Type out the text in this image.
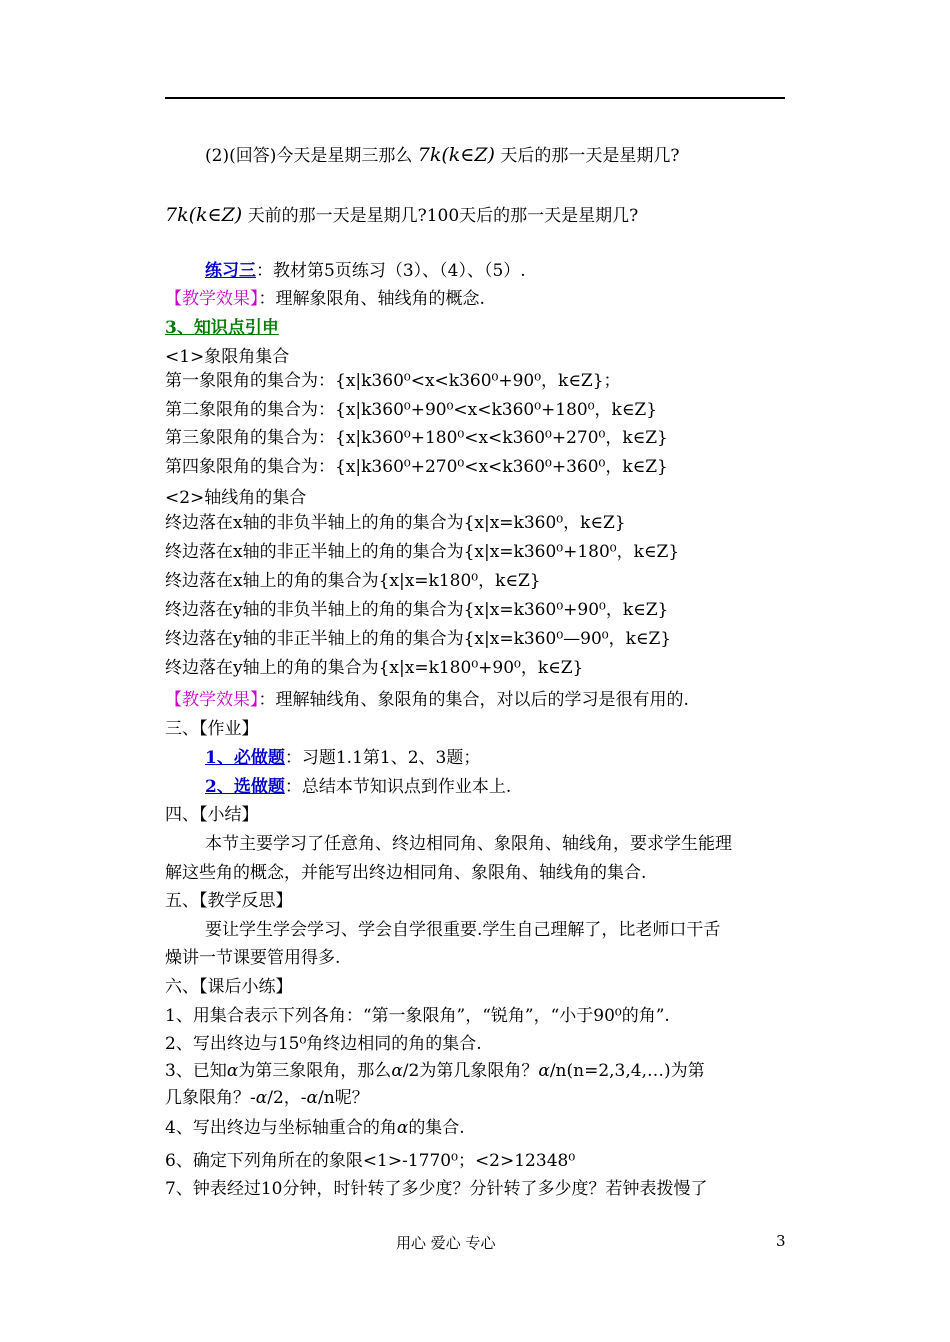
(2)(回答)今天是星期三那么 7k(k∈Z) 天后的那一天是星期几?
7k(k∈Z) 天前的那一天是星期几?100天后的那一天是星期几?
练习三：教材第5页练习（3）、（4）、（5）.
【教学效果】：理解象限角、轴线角的概念.
3、知识点引申
<1>象限角集合
第一象限角的集合为：{x|k360⁰<x<k360⁰+90⁰，k∈Z}；
第二象限角的集合为：{x|k360⁰+90⁰<x<k360⁰+180⁰，k∈Z}
第三象限角的集合为：{x|k360⁰+180⁰<x<k360⁰+270⁰，k∈Z}
第四象限角的集合为：{x|k360⁰+270⁰<x<k360⁰+360⁰，k∈Z}
<2>轴线角的集合
终边落在x轴的非负半轴上的角的集合为{x|x=k360⁰，k∈Z}
终边落在x轴的非正半轴上的角的集合为{x|x=k360⁰+180⁰，k∈Z}
终边落在x轴上的角的集合为{x|x=k180⁰，k∈Z}
终边落在y轴的非负半轴上的角的集合为{x|x=k360⁰+90⁰，k∈Z}
终边落在y轴的非正半轴上的角的集合为{x|x=k360⁰—90⁰，k∈Z}
终边落在y轴上的角的集合为{x|x=k180⁰+90⁰，k∈Z}
【教学效果】：理解轴线角、象限角的集合，对以后的学习是很有用的.
三、【作业】
1、必做题：习题1.1第1、2、3题；
2、选做题：总结本节知识点到作业本上.
四、【小结】
本节主要学习了任意角、终边相同角、象限角、轴线角，要求学生能理
解这些角的概念，并能写出终边相同角、象限角、轴线角的集合.
五、【教学反思】
要让学生学会学习、学会自学很重要.学生自己理解了，比老师口干舌
燥讲一节课要管用得多.
六、【课后小练】
1、用集合表示下列各角：“第一象限角”，“锐角”，“小于90⁰的角”.
2、写出终边与15⁰角终边相同的角的集合.
3、已知α为第三象限角，那么α/2为第几象限角？α/n(n=2,3,4,…)为第
几象限角？-α/2，-α/n呢？
4、写出终边与坐标轴重合的角α的集合.
6、确定下列角所在的象限<1>-1770⁰；<2>12348⁰
7、钟表经过10分钟，时针转了多少度？分针转了多少度？若钟表拨慢了
用心 爱心 专心	3
